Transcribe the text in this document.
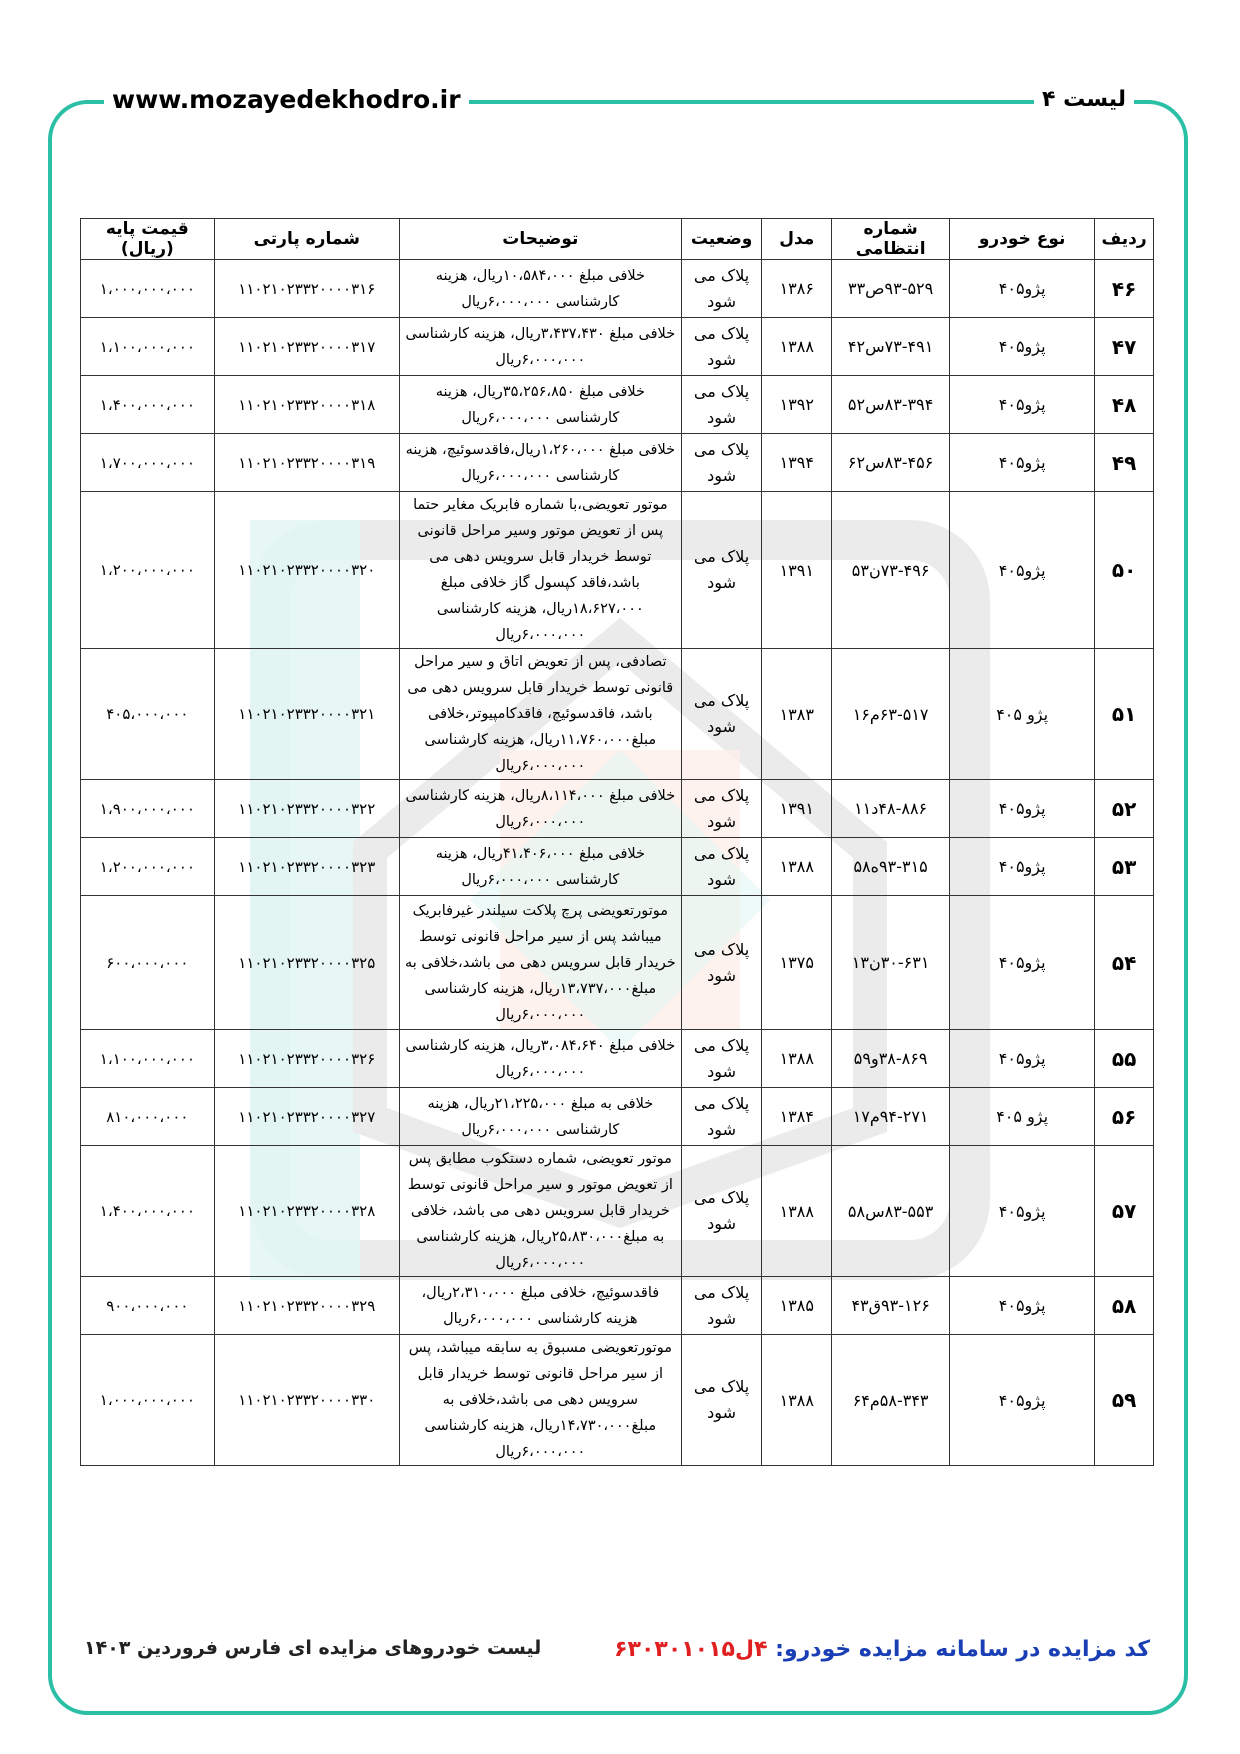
www.mozayedekhodro.ir	لیست ۴
ردیف	نوع خودرو	شماره انتظامی	مدل	وضعیت	توضیحات	شماره پارتی	قیمت پایه (ریال)
۴۶	پژو۴۰۵	۹۳-۵۲۹ص۳۳	۱۳۸۶	پلاک می شود	خلافی مبلغ ۱۰،۵۸۴،۰۰۰ریال، هزینه کارشناسی ۶،۰۰۰،۰۰۰ریال	۱۱۰۲۱۰۲۳۳۲۰۰۰۰۳۱۶	۱،۰۰۰،۰۰۰،۰۰۰
۴۷	پژو۴۰۵	۷۳-۴۹۱س۴۲	۱۳۸۸	پلاک می شود	خلافی مبلغ ۳،۴۳۷،۴۳۰ریال، هزینه کارشناسی ۶،۰۰۰،۰۰۰ریال	۱۱۰۲۱۰۲۳۳۲۰۰۰۰۳۱۷	۱،۱۰۰،۰۰۰،۰۰۰
۴۸	پژو۴۰۵	۸۳-۳۹۴س۵۲	۱۳۹۲	پلاک می شود	خلافی مبلغ ۳۵،۲۵۶،۸۵۰ریال، هزینه کارشناسی ۶،۰۰۰،۰۰۰ریال	۱۱۰۲۱۰۲۳۳۲۰۰۰۰۳۱۸	۱،۴۰۰،۰۰۰،۰۰۰
۴۹	پژو۴۰۵	۸۳-۴۵۶س۶۲	۱۳۹۴	پلاک می شود	خلافی مبلغ ۱،۲۶۰،۰۰۰ریال،فاقدسوئیچ، هزینه کارشناسی ۶،۰۰۰،۰۰۰ریال	۱۱۰۲۱۰۲۳۳۲۰۰۰۰۳۱۹	۱،۷۰۰،۰۰۰،۰۰۰
۵۰	پژو۴۰۵	۷۳-۴۹۶ن۵۳	۱۳۹۱	پلاک می شود	موتور تعویضی،با شماره فابریک مغایر حتما پس از تعویض موتور وسیر مراحل قانونی توسط خریدار قابل سرویس دهی می باشد،فاقد کپسول گاز خلافی مبلغ ۱۸،۶۲۷،۰۰۰ریال، هزینه کارشناسی ۶،۰۰۰،۰۰۰ریال	۱۱۰۲۱۰۲۳۳۲۰۰۰۰۳۲۰	۱،۲۰۰،۰۰۰،۰۰۰
۵۱	پژو ۴۰۵	۶۳-۵۱۷م۱۶	۱۳۸۳	پلاک می شود	تصادفی، پس از تعویض اتاق و سیر مراحل قانونی توسط خریدار قابل سرویس دهی می باشد، فاقدسوئیچ، فاقدکامپیوتر،خلافی مبلغ۱۱،۷۶۰،۰۰۰ریال، هزینه کارشناسی ۶،۰۰۰،۰۰۰ریال	۱۱۰۲۱۰۲۳۳۲۰۰۰۰۳۲۱	۴۰۵،۰۰۰،۰۰۰
۵۲	پژو۴۰۵	۴۸-۸۸۶د۱۱	۱۳۹۱	پلاک می شود	خلافی مبلغ ۸،۱۱۴،۰۰۰ریال، هزینه کارشناسی ۶،۰۰۰،۰۰۰ریال	۱۱۰۲۱۰۲۳۳۲۰۰۰۰۳۲۲	۱،۹۰۰،۰۰۰،۰۰۰
۵۳	پژو۴۰۵	۹۳-۳۱۵ه۵۸	۱۳۸۸	پلاک می شود	خلافی مبلغ ۴۱،۴۰۶،۰۰۰ریال، هزینه کارشناسی ۶،۰۰۰،۰۰۰ریال	۱۱۰۲۱۰۲۳۳۲۰۰۰۰۳۲۳	۱،۲۰۰،۰۰۰،۰۰۰
۵۴	پژو۴۰۵	۳۰-۶۳۱ن۱۳	۱۳۷۵	پلاک می شود	موتورتعویضی پرچ پلاکت سیلندر غیرفابریک میباشد پس از سیر مراحل قانونی توسط خریدار قابل سرویس دهی می باشد،خلافی به مبلغ۱۳،۷۳۷،۰۰۰ریال، هزینه کارشناسی ۶،۰۰۰،۰۰۰ریال	۱۱۰۲۱۰۲۳۳۲۰۰۰۰۳۲۵	۶۰۰،۰۰۰،۰۰۰
۵۵	پژو۴۰۵	۳۸-۸۶۹و۵۹	۱۳۸۸	پلاک می شود	خلافی مبلغ ۳،۰۸۴،۶۴۰ریال، هزینه کارشناسی ۶،۰۰۰،۰۰۰ریال	۱۱۰۲۱۰۲۳۳۲۰۰۰۰۳۲۶	۱،۱۰۰،۰۰۰،۰۰۰
۵۶	پژو ۴۰۵	۹۴-۲۷۱م۱۷	۱۳۸۴	پلاک می شود	خلافی به مبلغ ۲۱،۲۲۵،۰۰۰ریال، هزینه کارشناسی ۶،۰۰۰،۰۰۰ریال	۱۱۰۲۱۰۲۳۳۲۰۰۰۰۳۲۷	۸۱۰،۰۰۰،۰۰۰
۵۷	پژو۴۰۵	۸۳-۵۵۳س۵۸	۱۳۸۸	پلاک می شود	موتور تعویضی، شماره دستکوب مطابق پس از تعویض موتور و سیر مراحل قانونی توسط خریدار قابل سرویس دهی می باشد، خلافی به مبلغ۲۵،۸۳۰،۰۰۰ریال، هزینه کارشناسی ۶،۰۰۰،۰۰۰ریال	۱۱۰۲۱۰۲۳۳۲۰۰۰۰۳۲۸	۱،۴۰۰،۰۰۰،۰۰۰
۵۸	پژو۴۰۵	۹۳-۱۲۶ق۴۳	۱۳۸۵	پلاک می شود	فاقدسوئیچ، خلافی مبلغ ۲،۳۱۰،۰۰۰ریال، هزینه کارشناسی ۶،۰۰۰،۰۰۰ریال	۱۱۰۲۱۰۲۳۳۲۰۰۰۰۳۲۹	۹۰۰،۰۰۰،۰۰۰
۵۹	پژو۴۰۵	۵۸-۳۴۳م۶۴	۱۳۸۸	پلاک می شود	موتورتعویضی مسبوق به سابقه میباشد، پس از سیر مراحل قانونی توسط خریدار قابل سرویس دهی می باشد،خلافی به مبلغ۱۴،۷۳۰،۰۰۰ریال، هزینه کارشناسی ۶،۰۰۰،۰۰۰ریال	۱۱۰۲۱۰۲۳۳۲۰۰۰۰۳۳۰	۱،۰۰۰،۰۰۰،۰۰۰
کد مزایده در سامانه مزایده خودرو: ۴ل۶۳۰۳۰۱۰۱۵
لیست خودروهای مزایده ای فارس فروردین ۱۴۰۳
